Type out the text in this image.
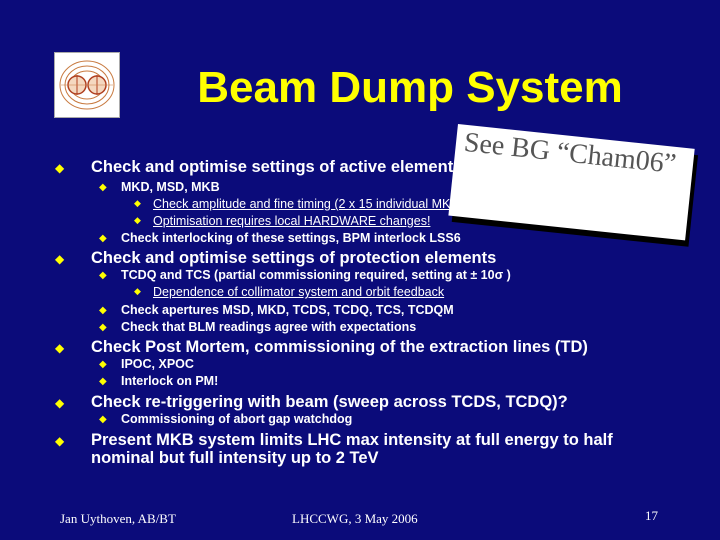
Beam Dump System
See BG “Cham06”
◆ Check and optimise settings of active elements
◆ MKD, MSD, MKB
◆ Check amplitude and fine timing (2 x 15 individual MKD systems)
◆ Optimisation requires local HARDWARE changes!
◆ Check interlocking of these settings, BPM interlock LSS6
◆ Check and optimise settings of protection elements
◆ TCDQ and TCS (partial commissioning required, setting at ± 10σ )
◆ Dependence of collimator system and orbit feedback
◆ Check apertures MSD, MKD, TCDS, TCDQ, TCS, TCDQM
◆ Check that BLM readings agree with expectations
◆ Check Post Mortem, commissioning of the extraction lines (TD)
◆ IPOC, XPOC
◆ Interlock on PM!
◆ Check re-triggering with beam (sweep across TCDS, TCDQ)?
◆ Commissioning of abort gap watchdog
◆ Present MKB system limits LHC max intensity at full energy to half
nominal but full intensity up to 2 TeV
Jan Uythoven, AB/BT	LHCCWG, 3 May 2006	17
